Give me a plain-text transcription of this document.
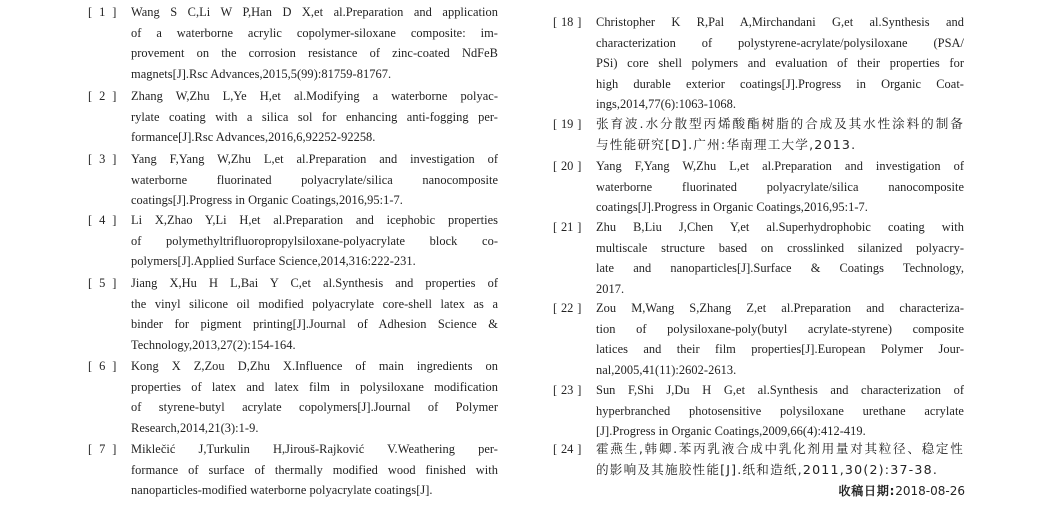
[ 1 ]	Wang S C,Li W P,Han D X,et al.Preparation and application
of a waterborne acrylic copolymer-siloxane composite: im-
provement on the corrosion resistance of zinc-coated NdFeB
magnets[J].Rsc Advances,2015,5(99):81759-81767.
[ 2 ]	Zhang W,Zhu L,Ye H,et al.Modifying a waterborne polyac-
rylate coating with a silica sol for enhancing anti-fogging per-
formance[J].Rsc Advances,2016,6,92252-92258.
[ 3 ]	Yang F,Yang W,Zhu L,et al.Preparation and investigation of
waterborne fluorinated polyacrylate/silica nanocomposite
coatings[J].Progress in Organic Coatings,2016,95:1-7.
[ 4 ]	Li X,Zhao Y,Li H,et al.Preparation and icephobic properties
of polymethyltrifluoropropylsiloxane-polyacrylate block co-
polymers[J].Applied Surface Science,2014,316:222-231.
[ 5 ]	Jiang X,Hu H L,Bai Y C,et al.Synthesis and properties of
the vinyl silicone oil modified polyacrylate core-shell latex as a
binder for pigment printing[J].Journal of Adhesion Science &
Technology,2013,27(2):154-164.
[ 6 ]	Kong X Z,Zou D,Zhu X.Influence of main ingredients on
properties of latex and latex film in polysiloxane modification
of styrene-butyl acrylate copolymers[J].Journal of Polymer
Research,2014,21(3):1-9.
[ 7 ]	Miklečić J,Turkulin H,Jirouš-Rajković V.Weathering per-
formance of surface of thermally modified wood finished with
nanoparticles-modified waterborne polyacrylate coatings[J].
[ 18 ]	Christopher K R,Pal A,Mirchandani G,et al.Synthesis and
characterization of polystyrene-acrylate/polysiloxane (PSA/
PSi) core shell polymers and evaluation of their properties for
high durable exterior coatings[J].Progress in Organic Coat-
ings,2014,77(6):1063-1068.
[ 19 ]	张育波.水分散型丙烯酸酯树脂的合成及其水性涂料的制备
与性能研究[D].广州:华南理工大学,2013.
[ 20 ]	Yang F,Yang W,Zhu L,et al.Preparation and investigation of
waterborne fluorinated polyacrylate/silica nanocomposite
coatings[J].Progress in Organic Coatings,2016,95:1-7.
[ 21 ]	Zhu B,Liu J,Chen Y,et al.Superhydrophobic coating with
multiscale structure based on crosslinked silanized polyacry-
late and nanoparticles[J].Surface & Coatings Technology,
2017.
[ 22 ]	Zou M,Wang S,Zhang Z,et al.Preparation and characteriza-
tion of polysiloxane-poly(butyl acrylate-styrene) composite
latices and their film properties[J].European Polymer Jour-
nal,2005,41(11):2602-2613.
[ 23 ]	Sun F,Shi J,Du H G,et al.Synthesis and characterization of
hyperbranched photosensitive polysiloxane urethane acrylate
[J].Progress in Organic Coatings,2009,66(4):412-419.
[ 24 ]	霍燕生,韩卿.苯丙乳液合成中乳化剂用量对其粒径、稳定性
的影响及其施胶性能[J].纸和造纸,2011,30(2):37-38.
收稿日期:2018-08-26
